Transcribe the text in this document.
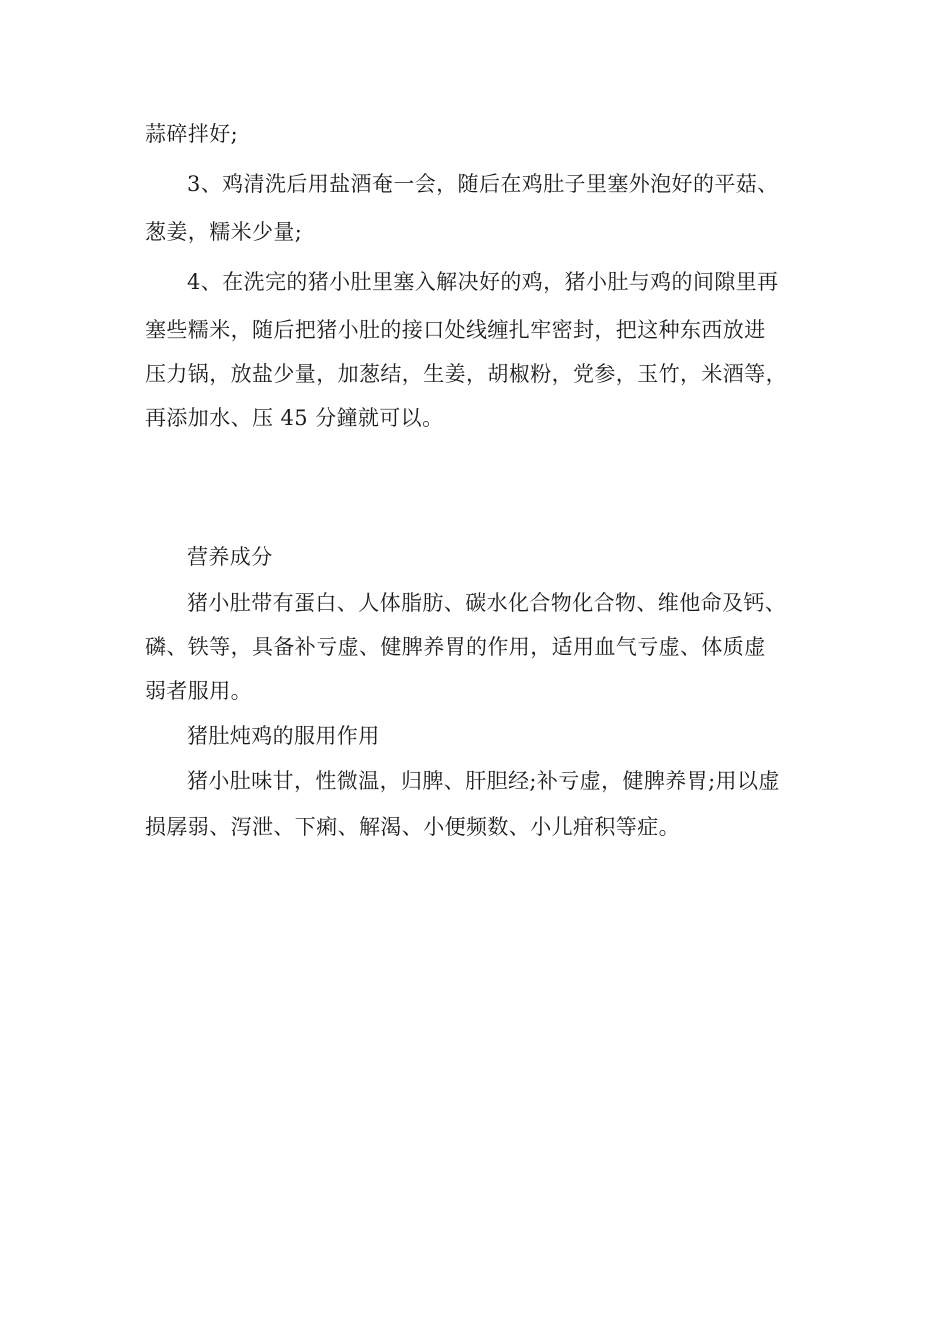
蒜碎拌好;
3、鸡清洗后用盐酒奄一会，随后在鸡肚子里塞外泡好的平菇、
葱姜，糯米少量;
4、在洗完的猪小肚里塞入解决好的鸡，猪小肚与鸡的间隙里再
塞些糯米，随后把猪小肚的接口处线缠扎牢密封，把这种东西放进
压力锅，放盐少量，加葱结，生姜，胡椒粉，党参，玉竹，米酒等，
再添加水、压 45 分鐘就可以。
营养成分
猪小肚带有蛋白、人体脂肪、碳水化合物化合物、维他命及钙、
磷、铁等，具备补亏虚、健脾养胃的作用，适用血气亏虚、体质虚
弱者服用。
猪肚炖鸡的服用作用
猪小肚味甘，性微温，归脾、肝胆经;补亏虚，健脾养胃;用以虚
损孱弱、泻泄、下痢、解渴、小便频数、小儿疳积等症。
